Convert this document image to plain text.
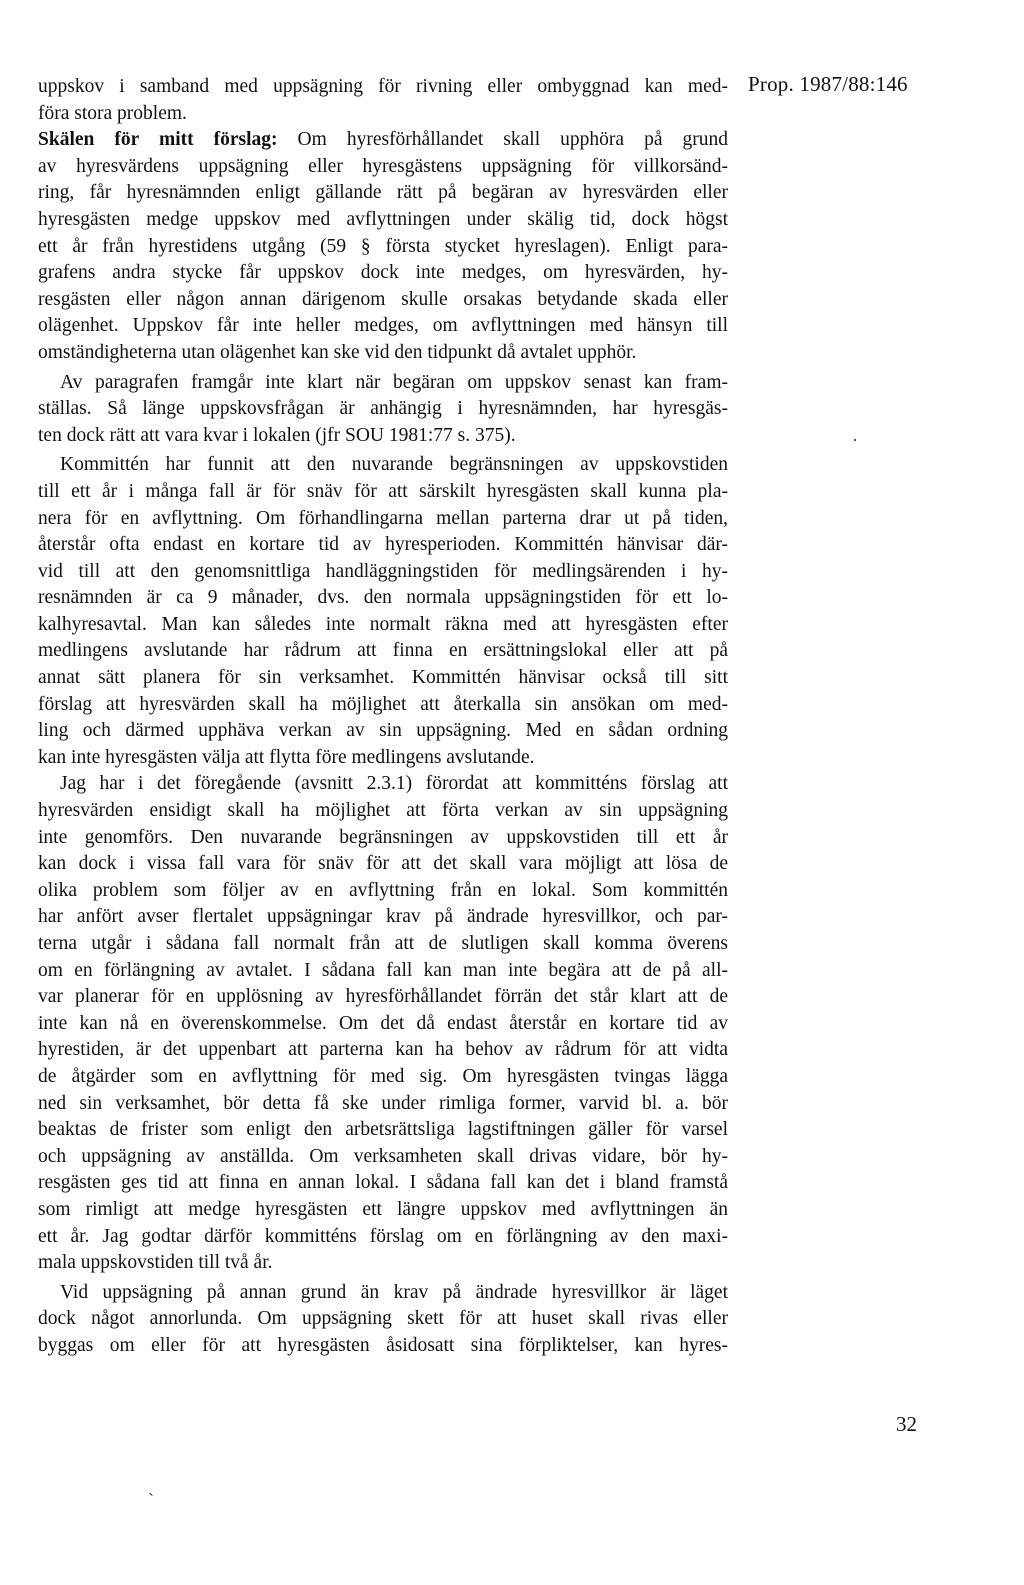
Prop. 1987/88:146
uppskov i samband med uppsägning för rivning eller ombyggnad kan med-
föra stora problem.
Skälen för mitt förslag: Om hyresförhållandet skall upphöra på grund
av hyresvärdens uppsägning eller hyresgästens uppsägning för villkorsänd-
ring, får hyresnämnden enligt gällande rätt på begäran av hyresvärden eller
hyresgästen medge uppskov med avflyttningen under skälig tid, dock högst
ett år från hyrestidens utgång (59 § första stycket hyreslagen). Enligt para-
grafens andra stycke får uppskov dock inte medges, om hyresvärden, hy-
resgästen eller någon annan därigenom skulle orsakas betydande skada eller
olägenhet. Uppskov får inte heller medges, om avflyttningen med hänsyn till
omständigheterna utan olägenhet kan ske vid den tidpunkt då avtalet upphör.
Av paragrafen framgår inte klart när begäran om uppskov senast kan fram-
ställas. Så länge uppskovsfrågan är anhängig i hyresnämnden, har hyresgäs-
ten dock rätt att vara kvar i lokalen (jfr SOU 1981:77 s. 375).
Kommittén har funnit att den nuvarande begränsningen av uppskovstiden
till ett år i många fall är för snäv för att särskilt hyresgästen skall kunna pla-
nera för en avflyttning. Om förhandlingarna mellan parterna drar ut på tiden,
återstår ofta endast en kortare tid av hyresperioden. Kommittén hänvisar där-
vid till att den genomsnittliga handläggningstiden för medlingsärenden i hy-
resnämnden är ca 9 månader, dvs. den normala uppsägningstiden för ett lo-
kalhyresavtal. Man kan således inte normalt räkna med att hyresgästen efter
medlingens avslutande har rådrum att finna en ersättningslokal eller att på
annat sätt planera för sin verksamhet. Kommittén hänvisar också till sitt
förslag att hyresvärden skall ha möjlighet att återkalla sin ansökan om med-
ling och därmed upphäva verkan av sin uppsägning. Med en sådan ordning
kan inte hyresgästen välja att flytta före medlingens avslutande.
Jag har i det föregående (avsnitt 2.3.1) förordat att kommitténs förslag att
hyresvärden ensidigt skall ha möjlighet att förta verkan av sin uppsägning
inte genomförs. Den nuvarande begränsningen av uppskovstiden till ett år
kan dock i vissa fall vara för snäv för att det skall vara möjligt att lösa de
olika problem som följer av en avflyttning från en lokal. Som kommittén
har anfört avser flertalet uppsägningar krav på ändrade hyresvillkor, och par-
terna utgår i sådana fall normalt från att de slutligen skall komma överens
om en förlängning av avtalet. I sådana fall kan man inte begära att de på all-
var planerar för en upplösning av hyresförhållandet förrän det står klart att de
inte kan nå en överenskommelse. Om det då endast återstår en kortare tid av
hyrestiden, är det uppenbart att parterna kan ha behov av rådrum för att vidta
de åtgärder som en avflyttning för med sig. Om hyresgästen tvingas lägga
ned sin verksamhet, bör detta få ske under rimliga former, varvid bl. a. bör
beaktas de frister som enligt den arbetsrättsliga lagstiftningen gäller för varsel
och uppsägning av anställda. Om verksamheten skall drivas vidare, bör hy-
resgästen ges tid att finna en annan lokal. I sådana fall kan det i bland framstå
som rimligt att medge hyresgästen ett längre uppskov med avflyttningen än
ett år. Jag godtar därför kommitténs förslag om en förlängning av den maxi-
mala uppskovstiden till två år.
Vid uppsägning på annan grund än krav på ändrade hyresvillkor är läget
dock något annorlunda. Om uppsägning skett för att huset skall rivas eller
byggas om eller för att hyresgästen åsidosatt sina förpliktelser, kan hyres-
32
·
`
